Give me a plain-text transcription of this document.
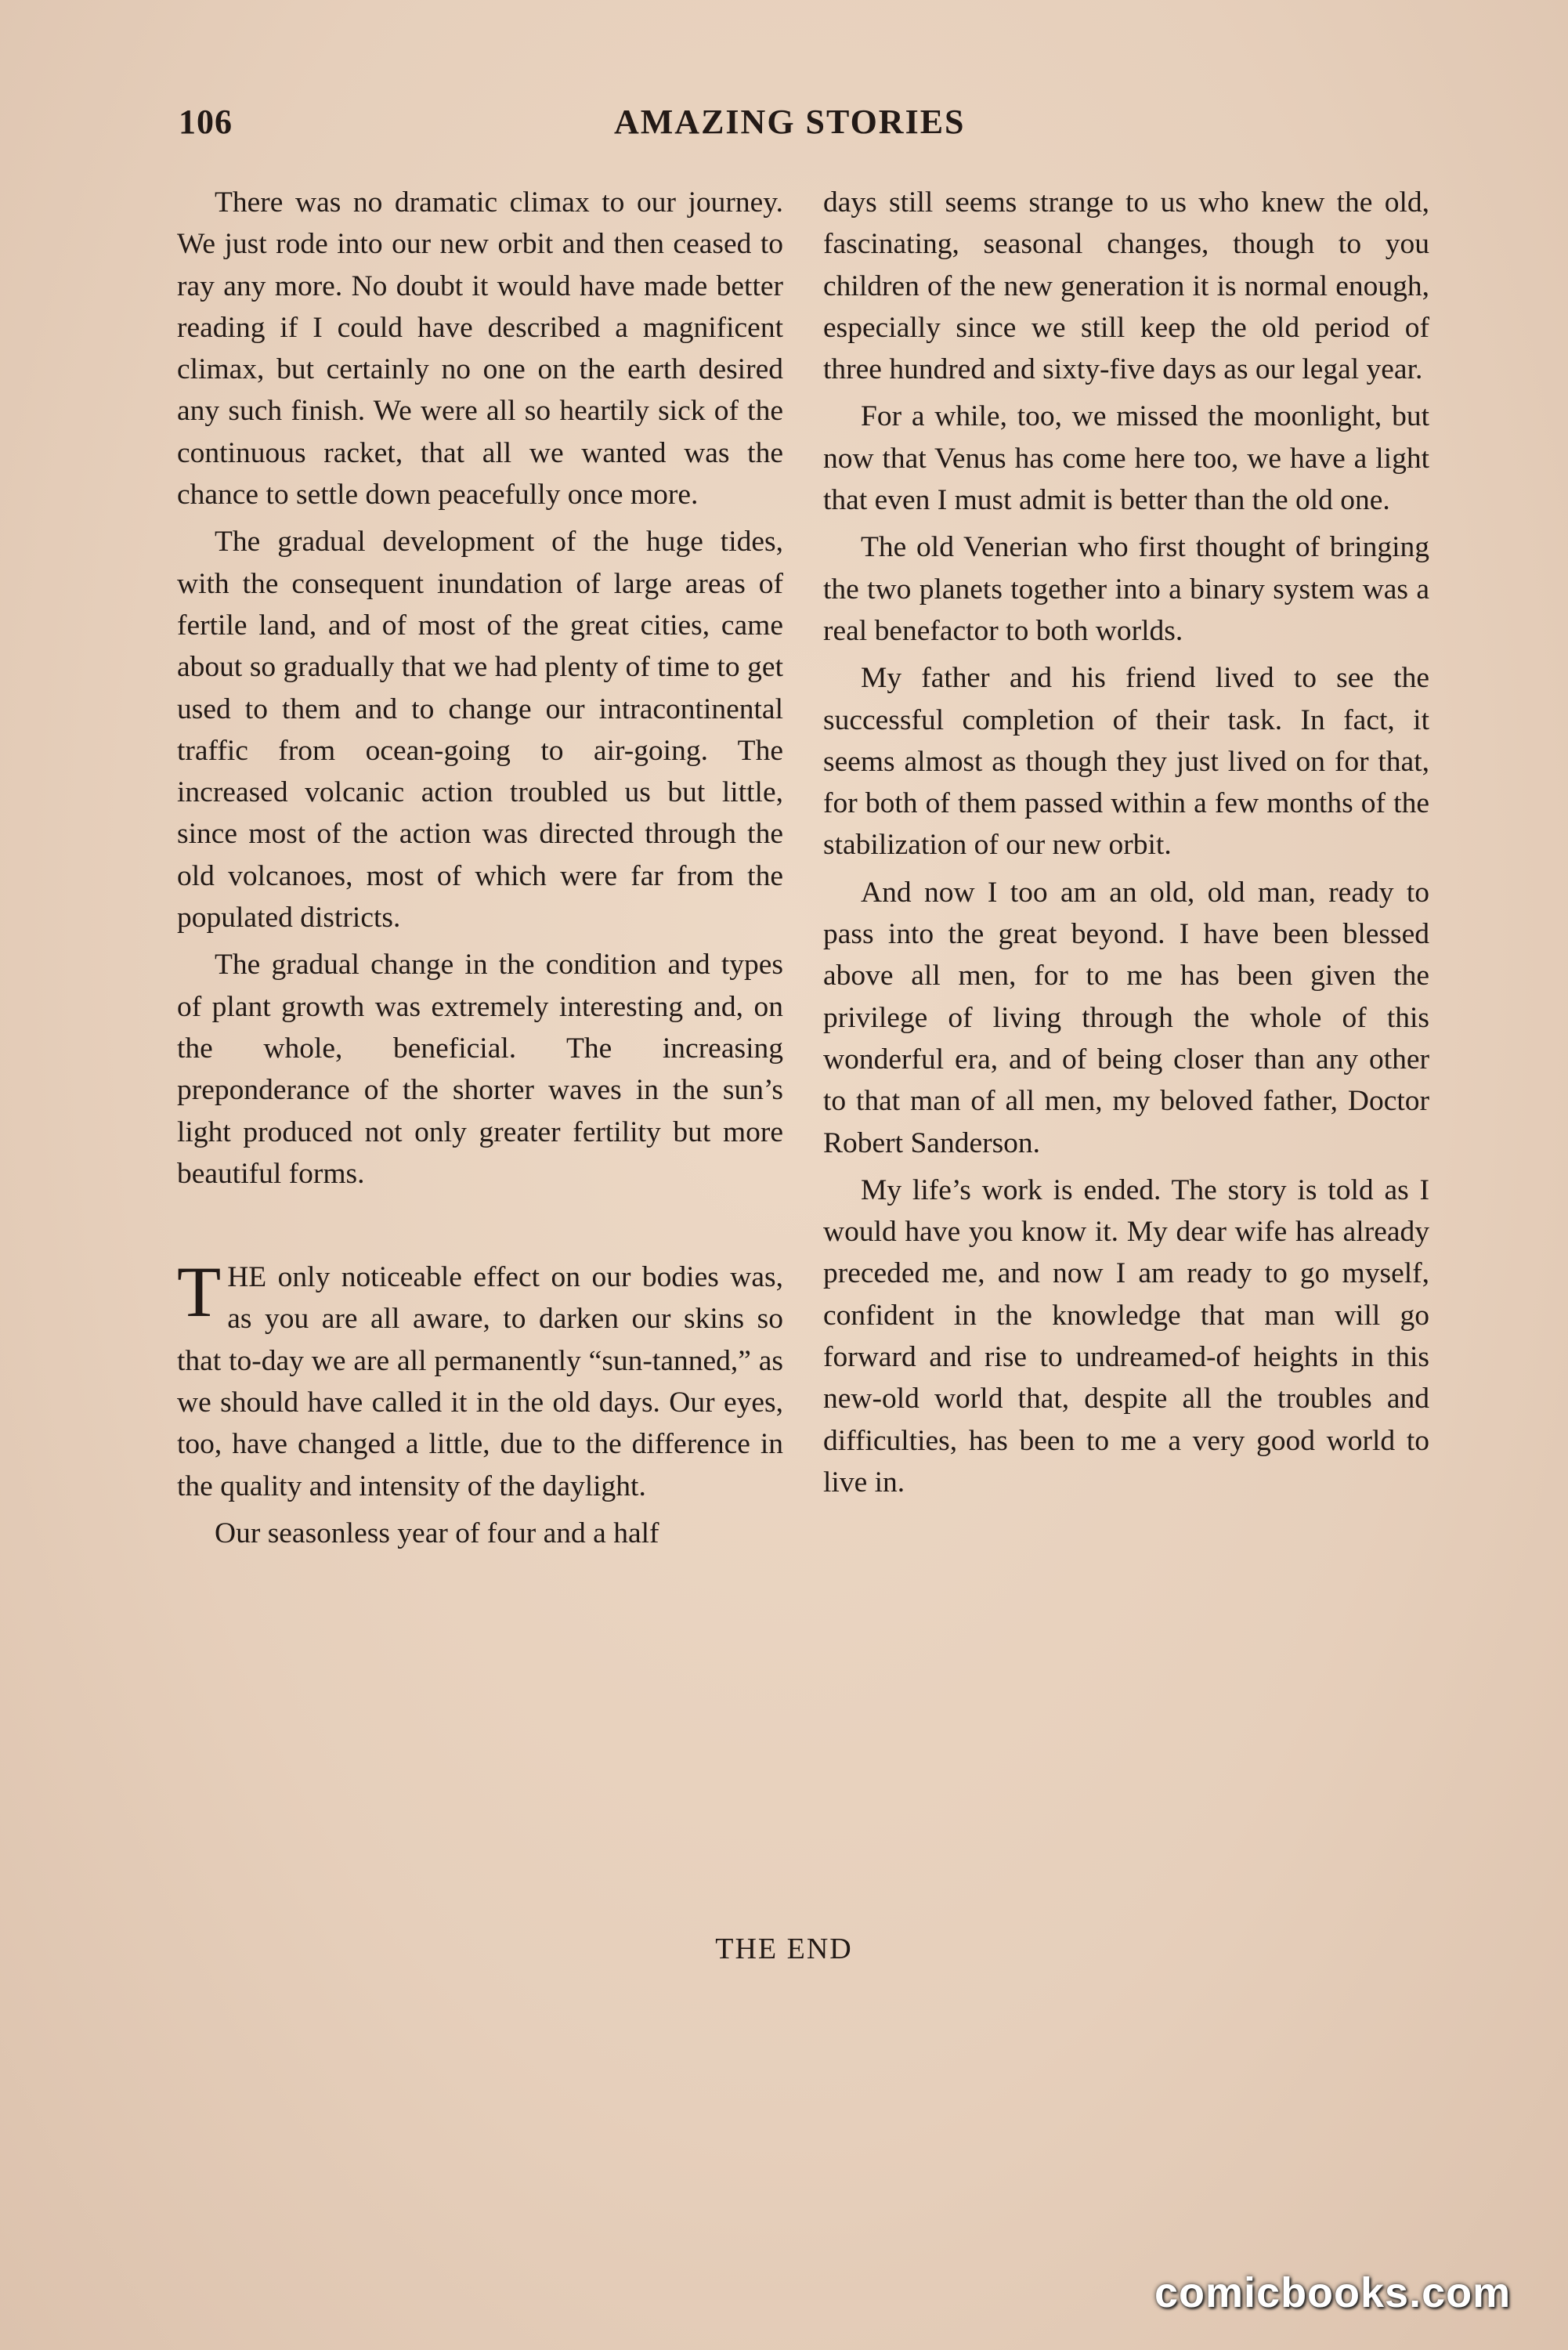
106	AMAZING STORIES

There was no dramatic climax to our journey. We just rode into our new orbit and then ceased to ray any more. No doubt it would have made better reading if I could have described a magnificent climax, but certainly no one on the earth desired any such finish. We were all so heartily sick of the continuous racket, that all we wanted was the chance to settle down peacefully once more.

The gradual development of the huge tides, with the consequent inundation of large areas of fertile land, and of most of the great cities, came about so gradually that we had plenty of time to get used to them and to change our intracontinental traffic from ocean-going to air-going. The increased volcanic action troubled us but little, since most of the action was directed through the old volcanoes, most of which were far from the populated districts.

The gradual change in the condition and types of plant growth was extremely interesting and, on the whole, beneficial. The increasing preponderance of the shorter waves in the sun’s light produced not only greater fertility but more beautiful forms.

THE only noticeable effect on our bodies was, as you are all aware, to darken our skins so that to-day we are all permanently “sun-tanned,” as we should have called it in the old days. Our eyes, too, have changed a little, due to the difference in the quality and intensity of the daylight.

Our seasonless year of four and a half

days still seems strange to us who knew the old, fascinating, seasonal changes, though to you children of the new generation it is normal enough, especially since we still keep the old period of three hundred and sixty-five days as our legal year.

For a while, too, we missed the moonlight, but now that Venus has come here too, we have a light that even I must admit is better than the old one.

The old Venerian who first thought of bringing the two planets together into a binary system was a real benefactor to both worlds.

My father and his friend lived to see the successful completion of their task. In fact, it seems almost as though they just lived on for that, for both of them passed within a few months of the stabilization of our new orbit.

And now I too am an old, old man, ready to pass into the great beyond. I have been blessed above all men, for to me has been given the privilege of living through the whole of this wonderful era, and of being closer than any other to that man of all men, my beloved father, Doctor Robert Sanderson.

My life’s work is ended. The story is told as I would have you know it. My dear wife has already preceded me, and now I am ready to go myself, confident in the knowledge that man will go forward and rise to undreamed-of heights in this new-old world that, despite all the troubles and difficulties, has been to me a very good world to live in.

THE END
comicbooks.com
